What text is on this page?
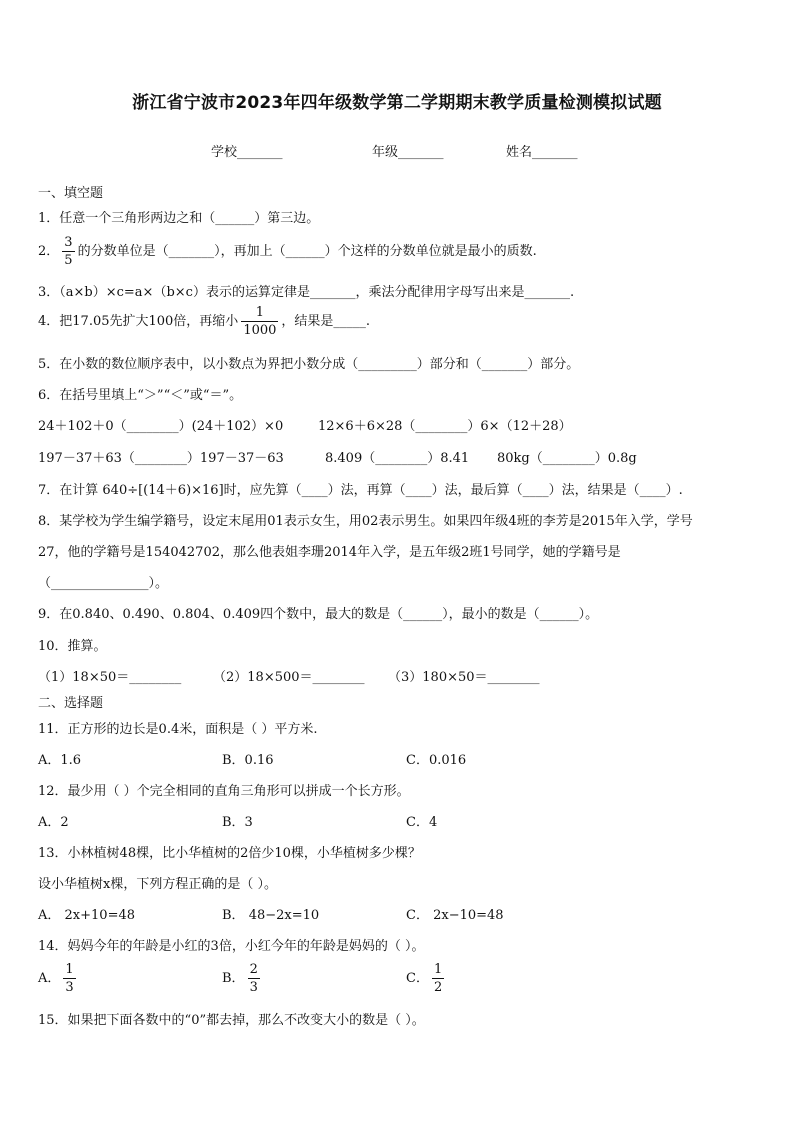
浙江省宁波市2023年四年级数学第二学期期末教学质量检测模拟试题
学校_______	年级_______	姓名_______
一、填空题
1．任意一个三角形两边之和（______）第三边。
2． $\frac{3}{5}$ 的分数单位是（_______），再加上（______）个这样的分数单位就是最小的质数.
3．（a×b）×c=a×（b×c）表示的运算定律是_______，乘法分配律用字母写出来是_______.
4．把17.05先扩大100倍，再缩小 $\frac{1}{1000}$ ，结果是_____.
5．在小数的数位顺序表中，以小数点为界把小数分成（_________）部分和（_______）部分。
6．在括号里填上“＞”“＜”或“＝”。
24＋102＋0（________）(24＋102）×0	12×6＋6×28（________）6×（12＋28）
197－37＋63（________）197－37－63	8.409（________）8.41 80kg（________）0.8g
7．在计算 640÷[(14＋6)×16]时，应先算（____）法，再算（____）法，最后算（____）法，结果是（____）.
8．某学校为学生编学籍号，设定末尾用01表示女生，用02表示男生。如果四年级4班的李芳是2015年入学，学号
27，他的学籍号是154042702，那么他表姐李珊2014年入学，是五年级2班1号同学，她的学籍号是
（_______________）。
9．在0.840、0.490、0.804、0.409四个数中，最大的数是（______），最小的数是（______）。
10．推算。
（1）18×50＝________ （2）18×500＝________ （3）180×50＝________
二、选择题
11．正方形的边长是0.4米，面积是（ ）平方米.
A．1.6	B．0.16	C．0.016
12．最少用（ ）个完全相同的直角三角形可以拼成一个长方形。
A．2	B．3	C．4
13．小林植树48棵，比小华植树的2倍少10棵，小华植树多少棵？
设小华植树x棵，下列方程正确的是（ ）。
A． 2x+10=48	B． 48−2x=10	C． 2x−10=48
14．妈妈今年的年龄是小红的3倍，小红今年的年龄是妈妈的（ ）。
A． $\frac{1}{3}$	B． $\frac{2}{3}$	C． $\frac{1}{2}$
15．如果把下面各数中的“0”都去掉，那么不改变大小的数是（ ）。
